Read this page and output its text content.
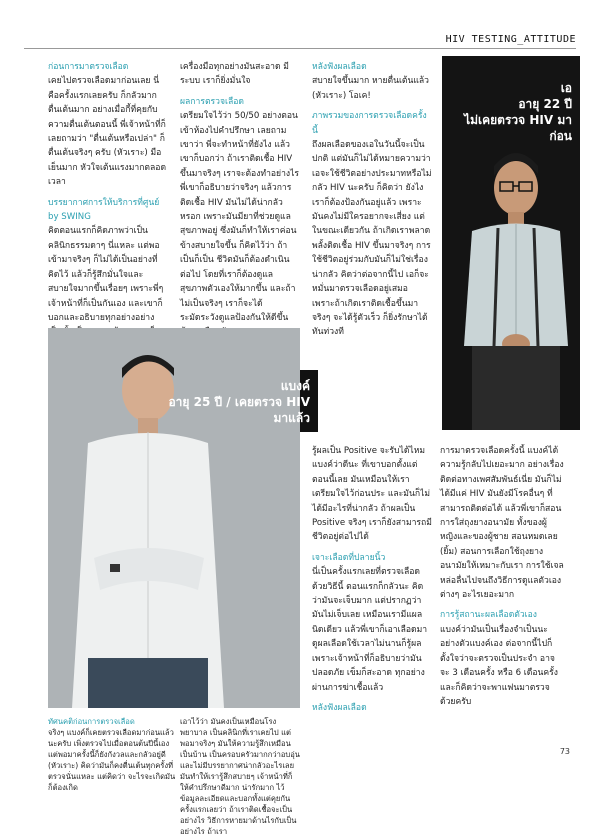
HIV TESTING_ATTITUDE
ก่อนการมาตรวจเลือด

เคยไปตรวจเลือดมาก่อนเลย นี่คือครั้งแรกเลยครับ ก็กลัวมาก ตื่นเต้นมาก อย่างเมื่อกี้ที่คุยกับความตื่นเต้นตอนนี้ พี่เจ้าหน้าที่ก็เลยถามว่า "ตื่นเต้นหรือเปล่า" ก็ตื่นเต้นจริงๆ ครับ (หัวเราะ) มือเย็นมาก หัวใจเต้นแรงมากตลอดเวลา

บรรยากาศการให้บริการที่ศูนย์ by SWING

คิดตอนแรกก็คิดภาพว่าเป็นคลินิกธรรมดาๆ นี่แหละ แต่พอเข้ามาจริงๆ ก็ไม่ได้เป็นอย่างที่คิดไว้ แล้วก็รู้สึกมั่นใจและสบายใจมากขึ้นเรื่อยๆ เพราะพี่ๆ เจ้าหน้าที่ก็เป็นกันเอง และเขาก็บอกและอธิบายทุกอย่างอย่าง

เครื่องมือทุกอย่างมันสะอาด มีระบบ เราก็ยิ่งมั่นใจ

ผลการตรวจเลือด

เตรียมใจไว้ว่า 50/50 อย่างตอนเข้าห้องไปคำปรึกษา เลยถามเขาว่า พี่จะทำหน้าที่ยังไง แล้วเขาก็บอกว่า ถ้าเราติดเชื้อ HIV ขึ้นมาจริงๆ เราจะต้องทำอย่างไร พี่เขาก็อธิบายว่าจริงๆ แล้วการติดเชื้อ HIV มันไม่ได้น่ากลัวหรอก เพราะมันมียาที่ช่วยดูแลสุขภาพอยู่ ซึ่งมันก็ทำให้เราค่อนข้างสบายใจขึ้น ก็คิดไว้ว่า ถ้าเป็นก็เป็น ชีวิตมันก็ต้องดำเนินต่อไป โดยที่เราก็ต้องดูแลสุขภาพตัวเองให้มากขึ้น และถ้าไม่เป็นจริงๆ เราก็จะได้ระมัดระวังดูแลป้องกันให้ดีขึ้น

หลังฟังผลเลือด

สบายใจขึ้นมาก หายตื่นเต้นแล้ว (หัวเราะ) โอเค!

ภาพรวมของการตรวจเลือดครั้งนี้

ถึงผลเลือดของเอในวันนี้จะเป็นปกติ แต่มันก็ไม่ได้หมายความว่าเอจะใช้ชีวิตอย่างประมาทหรือไม่กลัว HIV นะครับ ก็คิดว่า ยังไงเราก็ต้องป้องกันอยู่แล้ว เพราะมันคงไม่มีใครอยากจะเสี่ยง แต่ในขณะเดียวกัน ถ้าเกิดเราพลาดพลั้งติดเชื้อ HIV ขึ้นมาจริงๆ การใช้ชีวิตอยู่ร่วมกับมันก็ไม่ใช่เรื่องน่ากลัว คิดว่าต่อจากนี้ไป เอก็จะหมั่นมาตรวจเลือดอยู่เสมอ เพราะถ้าเกิดเราติดเชื้อขึ้นมาจริงๆ จะได้รู้ตัวเร็ว ก็ยิ่งรักษาได้ทันท่วงที

เอ
อายุ 22 ปี
ไม่เคยตรวจ HIV มาก่อน
แบงค์
อายุ 25 ปี / เคยตรวจ HIV มาแล้ว

รู้ผลเป็น Positive จะรับได้ไหม แบงค์ว่าดีนะ ที่เขาบอกตั้งแต่ตอนนี้เลย มันเหมือนให้เราเตรียมใจไว้ก่อนประ และมันก็ไม่ได้มีอะไรที่น่ากลัว ถ้าผลเป็น Positive จริงๆ เราก็ยังสามารถมีชีวิตอยู่ต่อไปได้

เจาะเลือดที่ปลายนิ้ว

นี่เป็นครั้งแรกเลยที่ตรวจเลือดด้วยวิธีนี้ ตอนแรกก็กลัวนะ คิดว่ามันจะเจ็บมาก แต่ปรากฏว่ามันไม่เจ็บเลย เหมือนเรามีแผลนิดเดียว แล้วพี่เขาก็เอาเลือดมาดูผลเลือดใช้เวลาไม่นานก็รู้ผล เพราะเจ้าหน้าที่ก็อธิบายว่ามันปลอดภัย เข็มก็สะอาด ทุกอย่างผ่านการฆ่าเชื้อแล้ว

หลังฟังผลเลือด

การมาตรวจเลือดครั้งนี้ แบงค์ได้ความรู้กลับไปเยอะมาก อย่างเรื่องติดต่อทางเพศสัมพันธ์เนี่ย มันก็ไม่ได้มีแค่ HIV มันยังมีโรคอื่นๆ ที่สามารถติดต่อได้ แล้วพี่เขาก็สอนการใส่ถุงยางอนามัย ทั้งของผู้หญิงและของผู้ชาย สอนหมดเลย (ยิ้ม) สอนการเลือกใช้ถุงยางอนามัยให้เหมาะกับเรา การใช้เจลหล่อลื่นไปจนถึงวิธีการดูแลตัวเองต่างๆ อะไรเยอะมาก

การรู้สถานะผลเลือดตัวเอง

แบงค์ว่ามันเป็นเรื่องจำเป็นนะ อย่างตัวแบงค์เอง ต่อจากนี้ไปก็ตั้งใจว่าจะตรวจเป็นประจำ อาจจะ 3 เดือนครั้ง หรือ 6 เดือนครั้ง และก็คิดว่าจะพาแฟนมาตรวจด้วยครับ

ทัศนคติก่อนการตรวจเลือด
จริงๆ แบงค์ก็เคยตรวจเลือดมาก่อนแล้วนะครับ เพิ่งตรวจไปเมื่อตอนต้นปีนี้เอง แต่พอมาครั้งนี้ก็ยังกังวลและกลัวอยู่ดี (หัวเราะ) คิดว่ามันก็คงตื่นเต้นทุกครั้งที่ตรวจนั่นแหละ แต่คิดว่า จะไรจะเกิดมันก็ต้องเกิด
เอาไว้ว่า มันคงเป็นเหมือนโรงพยาบาล เป็นคลินิกที่เราเคยไป แต่พอมาจริงๆ มันให้ความรู้สึกเหมือนเป็นบ้าน เป็นครอบครัวมากกว่าอบอุ่น และไม่มีบรรยากาศน่ากลัวอะไรเลย มันทำให้เรารู้สึกสบายๆ เจ้าหน้าที่ก็ให้คำปรึกษาดีมาก น่ารักมาก ไว้ข้อมูลละเอียดและบอกทั้งแต่คุยกันครั้งแรกเลยว่า ถ้าเราติดเชื้อจะเป็นอย่างไร วิธีการหายมาด้านไรกับเป็นอย่างไร ถ้าเรา
73
